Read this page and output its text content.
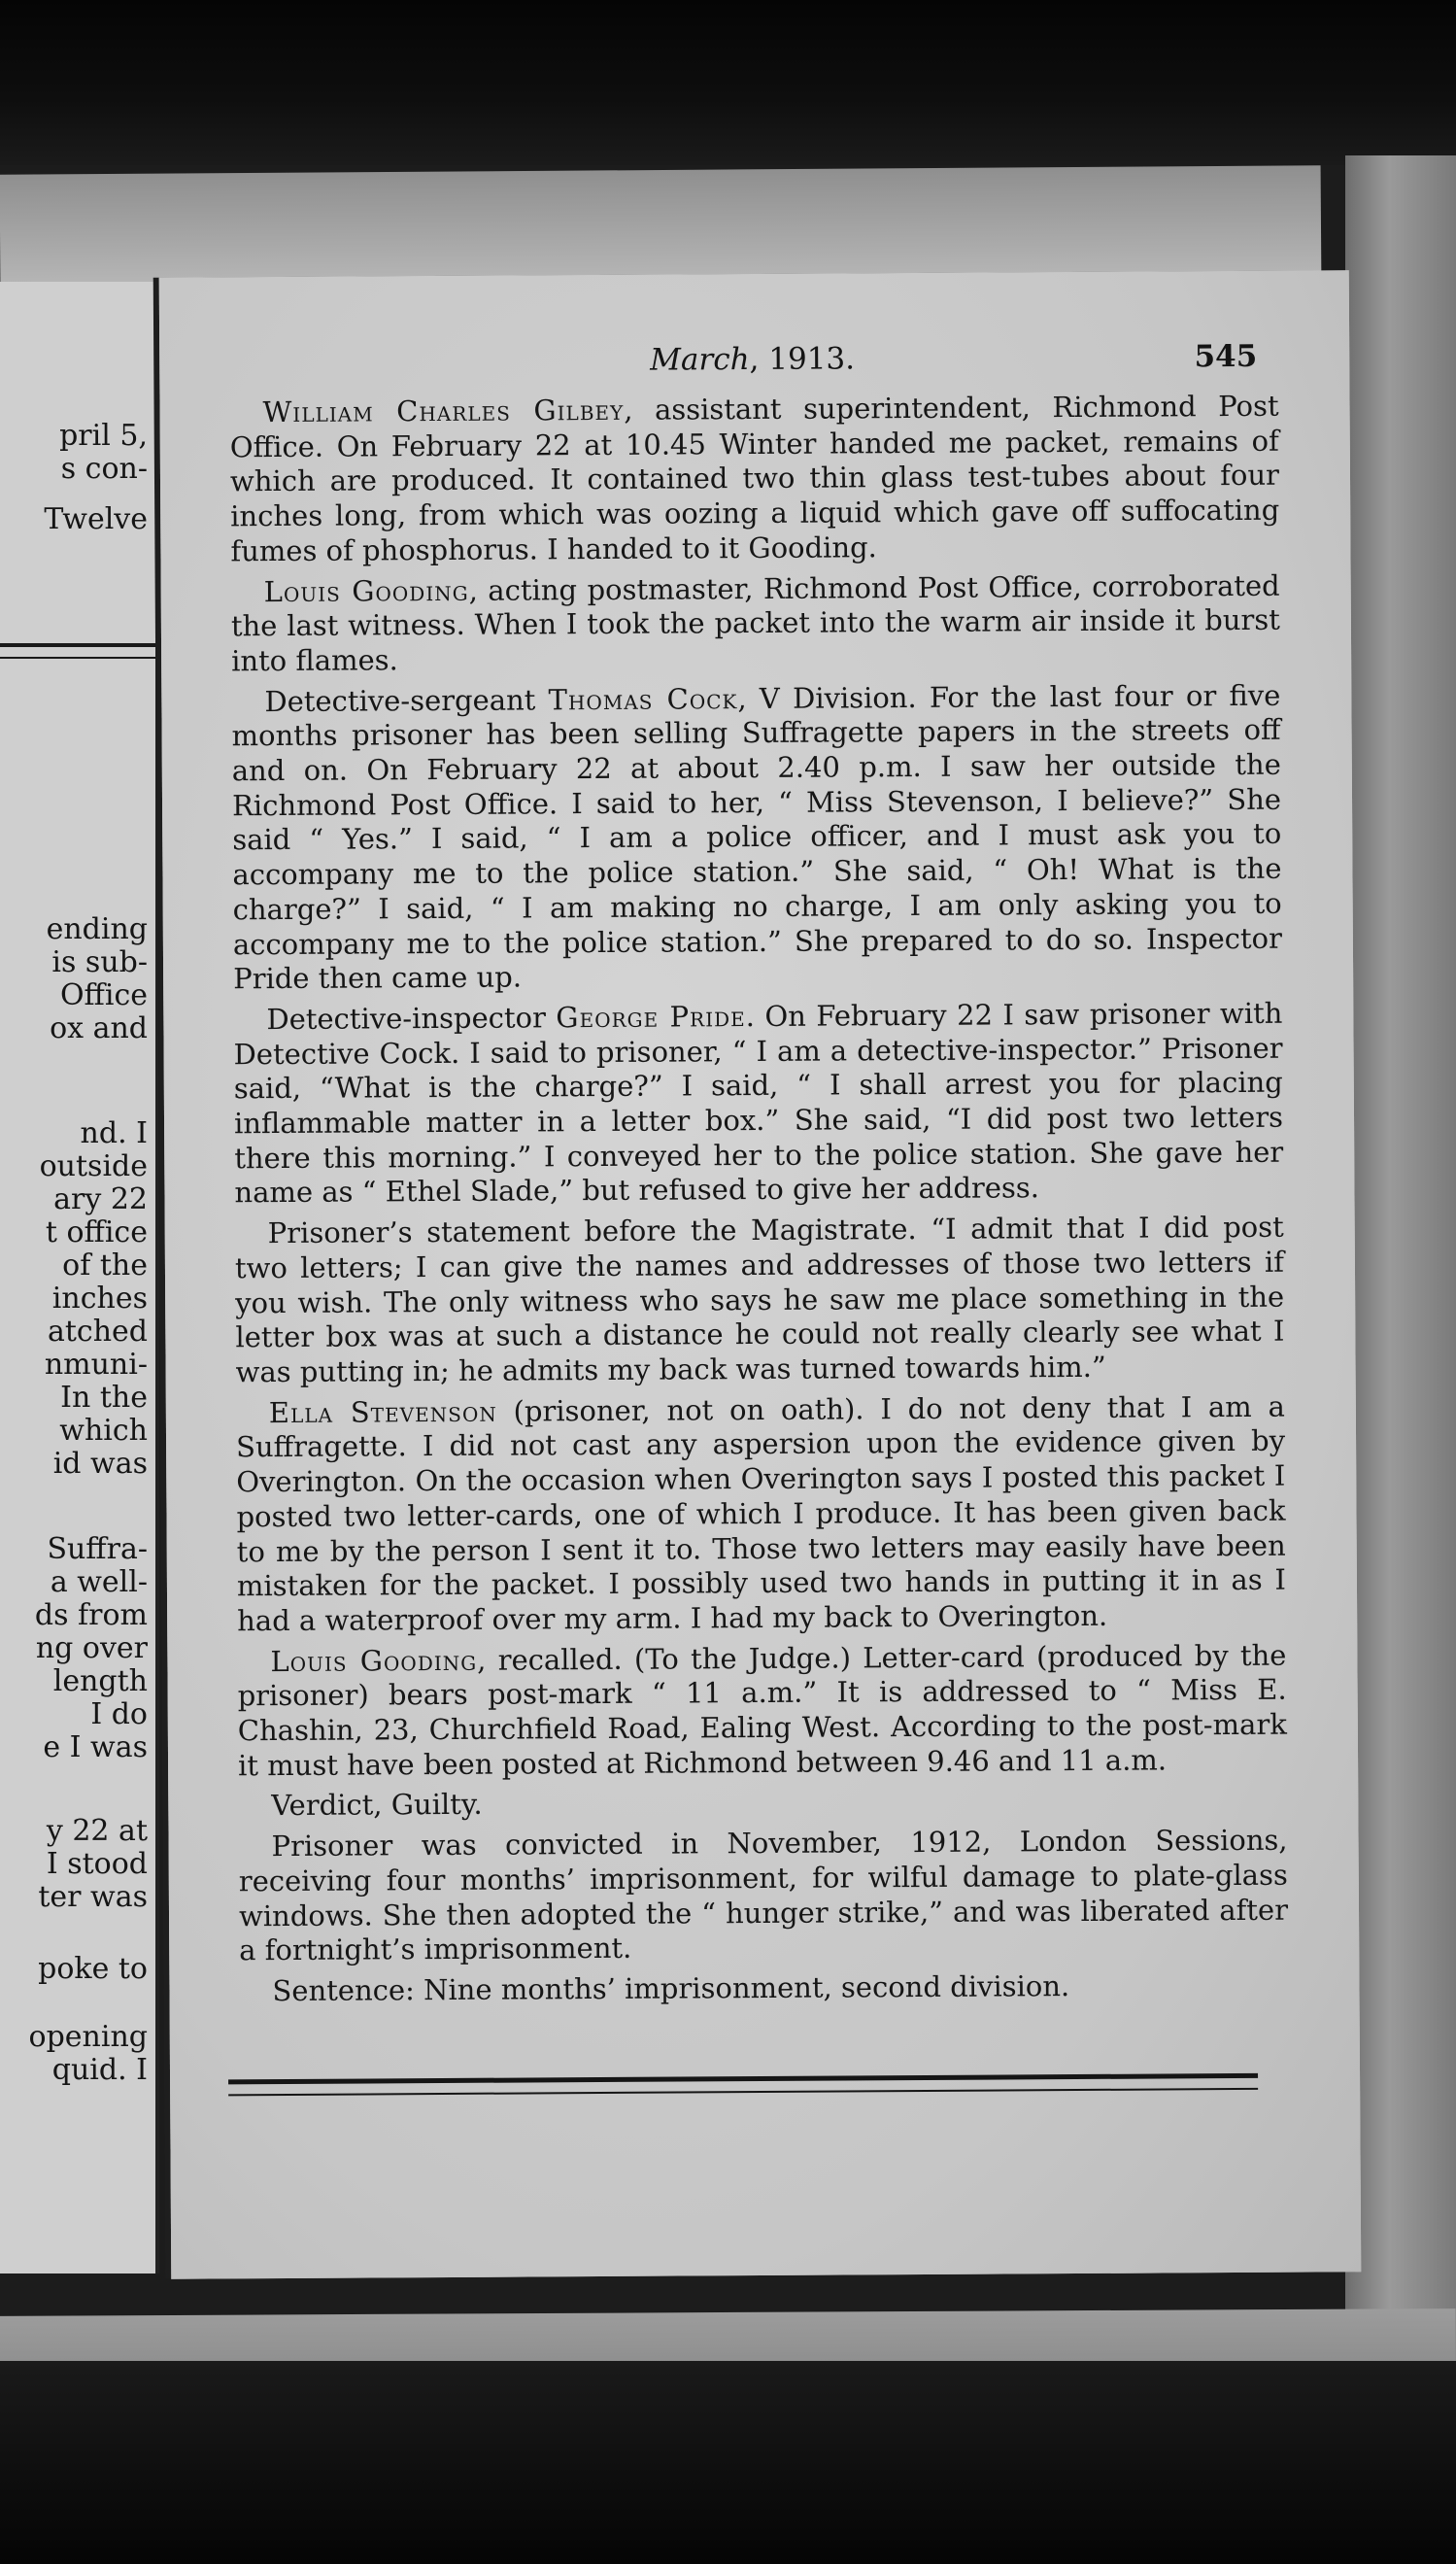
pril 5,
s con-
Twelve
ending
is sub-
Office
ox and
nd. I
outside
ary 22
t office
of the
inches
atched
nmuni-
In the
which
id was
Suffra-
a well-
ds from
ng over
length
I do
e I was
y 22 at
I stood
ter was
poke to
opening
quid. I
March, 1913.	545

William Charles Gilbey, assistant superintendent, Richmond Post Office. On February 22 at 10.45 Winter handed me packet, remains of which are produced. It contained two thin glass test-tubes about four inches long, from which was oozing a liquid which gave off suffocating fumes of phosphorus. I handed to it Gooding.

Louis Gooding, acting postmaster, Richmond Post Office, corroborated the last witness. When I took the packet into the warm air inside it burst into flames.

Detective-sergeant Thomas Cock, V Division. For the last four or five months prisoner has been selling Suffragette papers in the streets off and on. On February 22 at about 2.40 p.m. I saw her outside the Richmond Post Office. I said to her, “ Miss Stevenson, I believe?” She said “ Yes.” I said, “ I am a police officer, and I must ask you to accompany me to the police station.” She said, “ Oh! What is the charge?” I said, “ I am making no charge, I am only asking you to accompany me to the police station.” She prepared to do so. Inspector Pride then came up.

Detective-inspector George Pride. On February 22 I saw prisoner with Detective Cock. I said to prisoner, “ I am a detective-inspector.” Prisoner said, “What is the charge?” I said, “ I shall arrest you for placing inflammable matter in a letter box.” She said, “I did post two letters there this morning.” I conveyed her to the police station. She gave her name as “ Ethel Slade,” but refused to give her address.

Prisoner’s statement before the Magistrate. “I admit that I did post two letters; I can give the names and addresses of those two letters if you wish. The only witness who says he saw me place something in the letter box was at such a distance he could not really clearly see what I was putting in; he admits my back was turned towards him.”

Ella Stevenson (prisoner, not on oath). I do not deny that I am a Suffragette. I did not cast any aspersion upon the evidence given by Overington. On the occasion when Overington says I posted this packet I posted two letter-cards, one of which I produce. It has been given back to me by the person I sent it to. Those two letters may easily have been mistaken for the packet. I possibly used two hands in putting it in as I had a waterproof over my arm. I had my back to Overington.

Louis Gooding, recalled. (To the Judge.) Letter-card (produced by the prisoner) bears post-mark “ 11 a.m.” It is addressed to “ Miss E. Chashin, 23, Churchfield Road, Ealing West. According to the post-mark it must have been posted at Richmond between 9.46 and 11 a.m.

Verdict, Guilty.

Prisoner was convicted in November, 1912, London Sessions, receiving four months’ imprisonment, for wilful damage to plate-glass windows. She then adopted the “ hunger strike,” and was liberated after a fortnight’s imprisonment.

Sentence: Nine months’ imprisonment, second division.
